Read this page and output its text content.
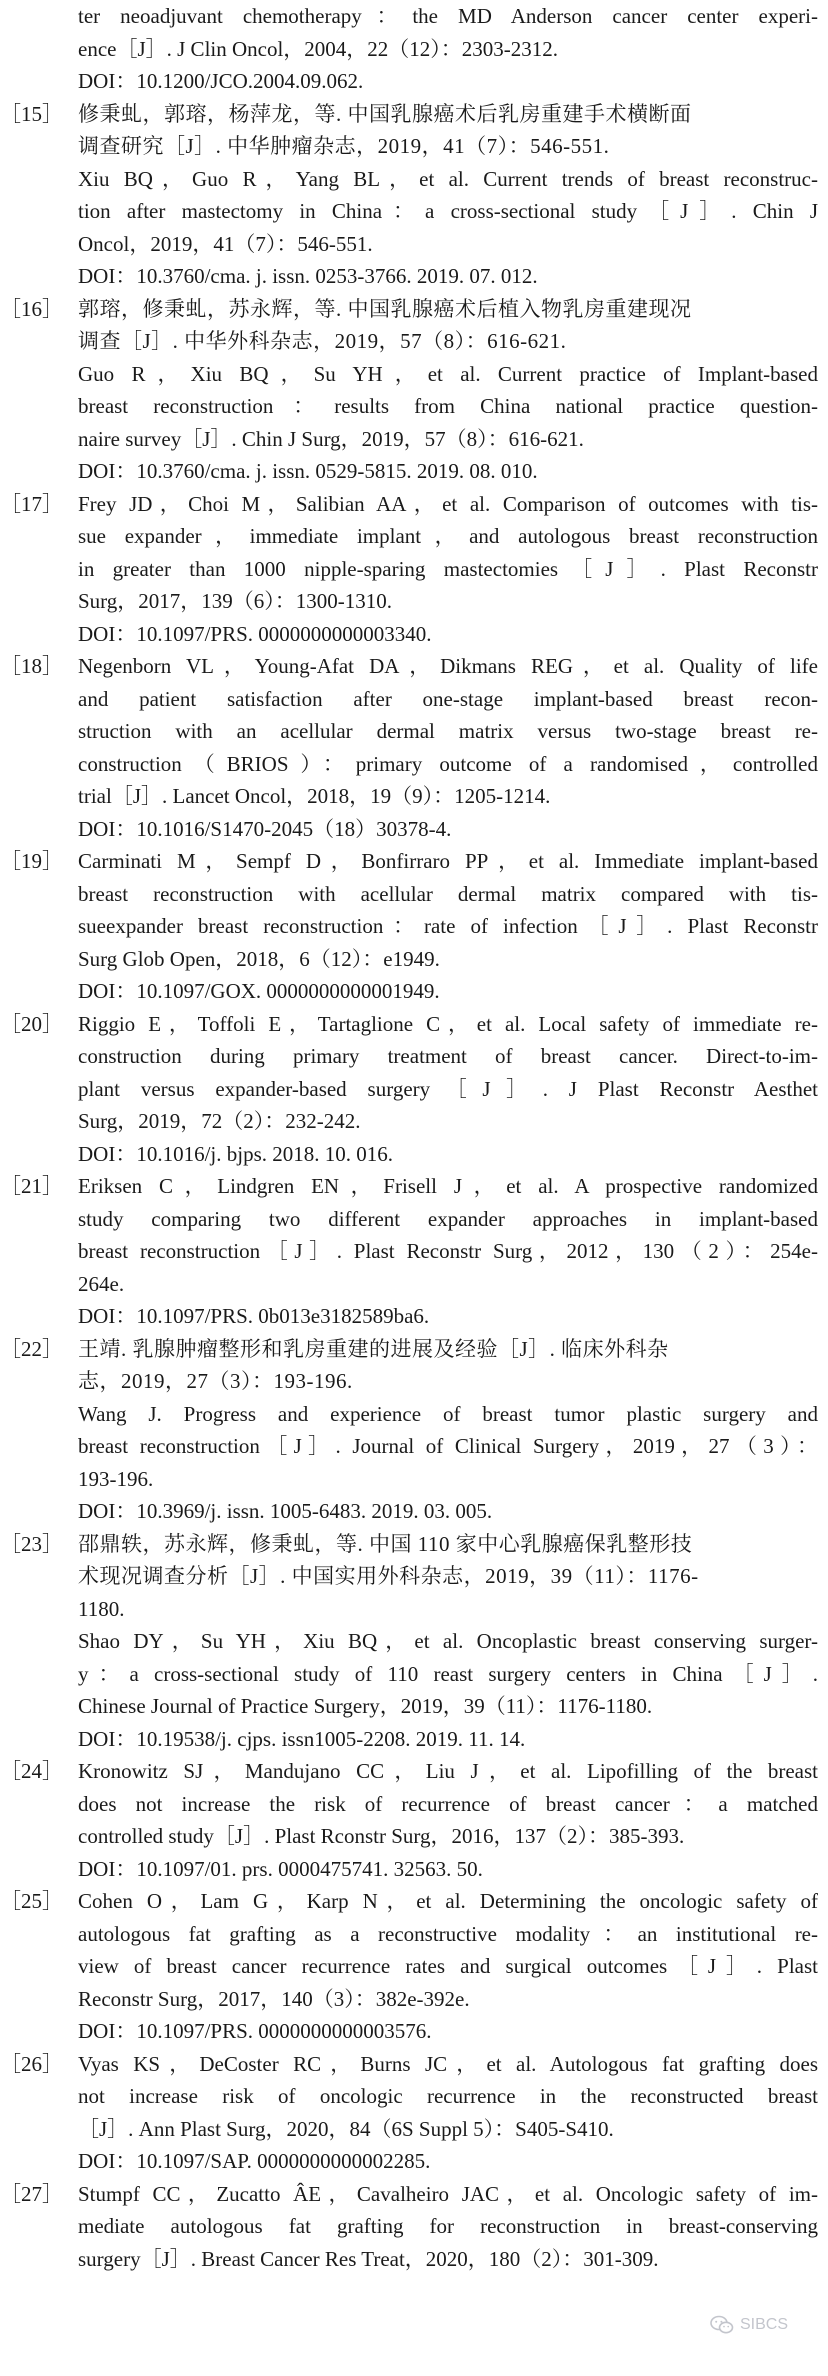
ter neoadjuvant chemotherapy：the MD Anderson cancer center experi-
ence［J］. J Clin Oncol，2004，22（12）：2303-2312.
DOI：10.1200/JCO.2004.09.062.
［15］ 修秉虬，郭瑢，杨萍龙，等. 中国乳腺癌术后乳房重建手术横断面
调查研究［J］. 中华肿瘤杂志，2019，41（7）：546-551.
Xiu BQ，Guo R，Yang BL，et al. Current trends of breast reconstruc-
tion after mastectomy in China：a cross-sectional study［J］. Chin J
Oncol，2019，41（7）：546-551.
DOI：10.3760/cma. j. issn. 0253-3766. 2019. 07. 012.
［16］ 郭瑢，修秉虬，苏永辉，等. 中国乳腺癌术后植入物乳房重建现况
调查［J］. 中华外科杂志，2019，57（8）：616-621.
Guo R，Xiu BQ，Su YH，et al. Current practice of Implant-based
breast reconstruction：results from China national practice question-
naire survey［J］. Chin J Surg，2019，57（8）：616-621.
DOI：10.3760/cma. j. issn. 0529-5815. 2019. 08. 010.
［17］ Frey JD，Choi M，Salibian AA，et al. Comparison of outcomes with tis-
sue expander，immediate implant，and autologous breast reconstruction
in greater than 1000 nipple-sparing mastectomies［J］. Plast Reconstr
Surg，2017，139（6）：1300-1310.
DOI：10.1097/PRS. 0000000000003340.
［18］ Negenborn VL，Young-Afat DA，Dikmans REG，et al. Quality of life
and patient satisfaction after one-stage implant-based breast recon-
struction with an acellular dermal matrix versus two-stage breast re-
construction（BRIOS）：primary outcome of a randomised，controlled
trial［J］. Lancet Oncol，2018，19（9）：1205-1214.
DOI：10.1016/S1470-2045（18）30378-4.
［19］ Carminati M，Sempf D，Bonfirraro PP，et al. Immediate implant-based
breast reconstruction with acellular dermal matrix compared with tis-
sueexpander breast reconstruction：rate of infection［J］. Plast Reconstr
Surg Glob Open，2018，6（12）：e1949.
DOI：10.1097/GOX. 0000000000001949.
［20］ Riggio E，Toffoli E，Tartaglione C，et al. Local safety of immediate re-
construction during primary treatment of breast cancer. Direct-to-im-
plant versus expander-based surgery［J］. J Plast Reconstr Aesthet
Surg，2019，72（2）：232-242.
DOI：10.1016/j. bjps. 2018. 10. 016.
［21］ Eriksen C，Lindgren EN，Frisell J，et al. A prospective randomized
study comparing two different expander approaches in implant-based
breast reconstruction［J］. Plast Reconstr Surg，2012，130（2）：254e-
264e.
DOI：10.1097/PRS. 0b013e3182589ba6.
［22］ 王靖. 乳腺肿瘤整形和乳房重建的进展及经验［J］. 临床外科杂
志，2019，27（3）：193-196.
Wang J. Progress and experience of breast tumor plastic surgery and
breast reconstruction［J］. Journal of Clinical Surgery，2019，27（3）：
193-196.
DOI：10.3969/j. issn. 1005-6483. 2019. 03. 005.
［23］ 邵鼎轶，苏永辉，修秉虬，等. 中国 110 家中心乳腺癌保乳整形技
术现况调查分析［J］. 中国实用外科杂志，2019，39（11）：1176-
1180.
Shao DY，Su YH，Xiu BQ，et al. Oncoplastic breast conserving surger-
y：a cross-sectional study of 110 reast surgery centers in China［J］.
Chinese Journal of Practice Surgery，2019，39（11）：1176-1180.
DOI：10.19538/j. cjps. issn1005-2208. 2019. 11. 14.
［24］ Kronowitz SJ，Mandujano CC，Liu J，et al. Lipofilling of the breast
does not increase the risk of recurrence of breast cancer：a matched
controlled study［J］. Plast Rconstr Surg，2016，137（2）：385-393.
DOI：10.1097/01. prs. 0000475741. 32563. 50.
［25］ Cohen O，Lam G，Karp N，et al. Determining the oncologic safety of
autologous fat grafting as a reconstructive modality：an institutional re-
view of breast cancer recurrence rates and surgical outcomes［J］. Plast
Reconstr Surg，2017，140（3）：382e-392e.
DOI：10.1097/PRS. 0000000000003576.
［26］ Vyas KS，DeCoster RC，Burns JC，et al. Autologous fat grafting does
not increase risk of oncologic recurrence in the reconstructed breast
［J］. Ann Plast Surg，2020，84（6S Suppl 5）：S405-S410.
DOI：10.1097/SAP. 0000000000002285.
［27］ Stumpf CC，Zucatto ÂE，Cavalheiro JAC，et al. Oncologic safety of im-
mediate autologous fat grafting for reconstruction in breast-conserving
surgery［J］. Breast Cancer Res Treat，2020，180（2）：301-309.
SIBCS
